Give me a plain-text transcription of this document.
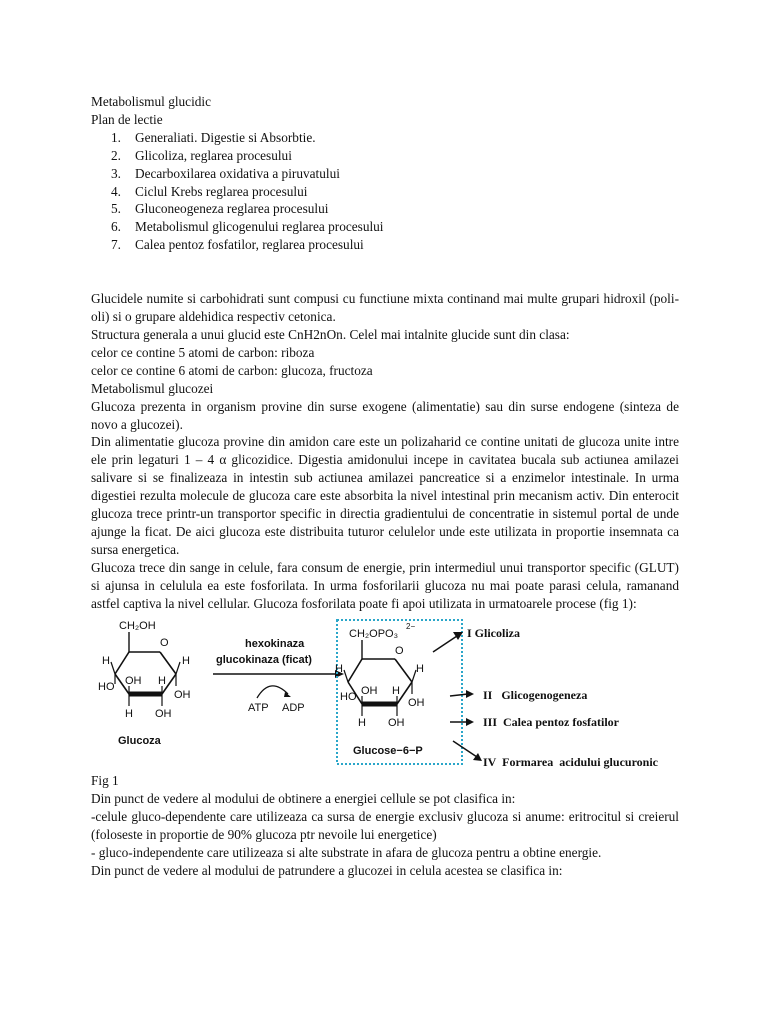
Metabolismul glucidic

Plan de lectie

1. Generaliati. Digestie si Absorbtie.
2. Glicoliza, reglarea procesului
3. Decarboxilarea oxidativa a piruvatului
4. Ciclul Krebs reglarea procesului
5. Gluconeogeneza reglarea procesului
6. Metabolismul glicogenului reglarea procesului
7. Calea pentoz fosfatilor, reglarea procesului

Glucidele numite si carbohidrati sunt compusi cu functiune mixta continand mai multe grupari hidroxil (poli-oli) si o grupare aldehidica respectiv cetonica.

Structura generala a unui glucid este CnH2nOn. Celel mai intalnite glucide sunt din clasa:

celor ce contine 5 atomi de carbon: riboza

celor ce contine 6 atomi de carbon: glucoza, fructoza

Metabolismul glucozei

Glucoza prezenta in organism provine din surse exogene (alimentatie) sau din surse endogene (sinteza de novo a glucozei).

Din alimentatie glucoza provine din amidon care este un polizaharid ce contine unitati de glucoza unite intre ele prin legaturi 1 – 4 α glicozidice. Digestia amidonului incepe in cavitatea bucala sub actiunea amilazei salivare si se finalizeaza in intestin sub actiunea amilazei pancreatice si a enzimelor intestinale. In urma digestiei rezulta molecule de glucoza care este absorbita la nivel intestinal prin mecanism activ. Din enterocit glucoza trece printr-un transportor specific in directia gradientului de concentratie in sistemul portal de unde ajunge la ficat. De aici glucoza este distribuita tuturor celulelor unde este utilizata in proportie insemnata ca sursa energetica.

Glucoza trece din sange in celule, fara consum de energie, prin intermediul unui transportor specific (GLUT) si ajunsa in celulula ea este fosforilata. In urma fosforilarii glucoza nu mai poate parasi celula, ramanand astfel captiva la nivel cellular. Glucoza fosforilata poate fi apoi utilizata in urmatoarele procese (fig 1):

CH₂OH
O
H	H
HO OH H
OH
H OH
Glucoza
hexokinaza
glucokinaza (ficat)
ATP ADP
CH₂OPO₃
2−
O
H	H
HO OH H
OH
H OH
Glucose−6−P
I Glicoliza
II   Glicogenogeneza
III  Calea pentoz fosfatilor
IV  Formarea  acidului glucuronic

Fig 1

Din punct de vedere al modului de obtinere a energiei cellule se pot clasifica in:

-celule gluco-dependente care utilizeaza ca sursa de energie exclusiv glucoza si anume: eritrocitul si creierul (foloseste in proportie de 90% glucoza ptr nevoile lui energetice)

- gluco-independente care utilizeaza si alte substrate in afara de glucoza pentru a obtine energie.

Din punct de vedere al modului de patrundere a glucozei in celula acestea se clasifica in:
